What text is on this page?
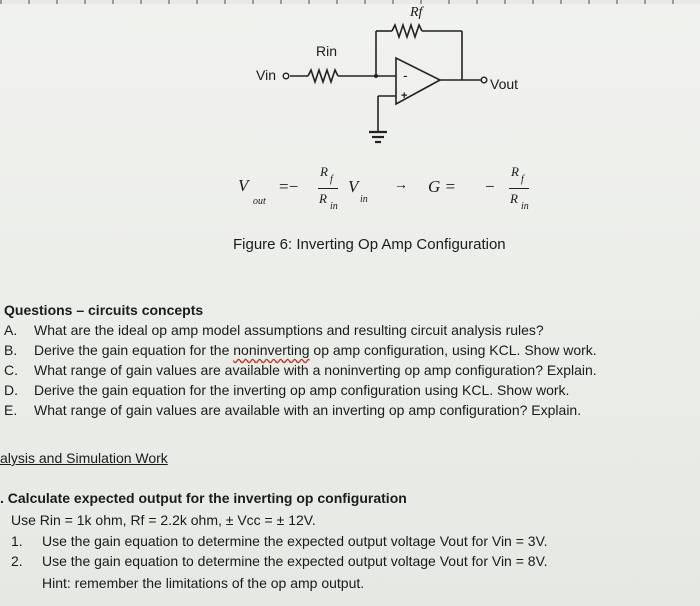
-
+
Rf
Rin
Vin
Vout
V
out
=−
R
f
R
in
V
in
→ G = −
R
f
R
in
Figure 6: Inverting Op Amp Configuration
Questions – circuits concepts
A.	What are the ideal op amp model assumptions and resulting circuit analysis rules?
B.	Derive the gain equation for the noninverting op amp configuration, using KCL. Show work.
C.	What range of gain values are available with a noninverting op amp configuration? Explain.
D.	Derive the gain equation for the inverting op amp configuration using KCL. Show work.
E.	What range of gain values are available with an inverting op amp configuration? Explain.
alysis and Simulation Work
. Calculate expected output for the inverting op configuration
Use Rin = 1k ohm, Rf = 2.2k ohm, ± Vcc = ± 12V.
1. Use the gain equation to determine the expected output voltage Vout for Vin = 3V.
2. Use the gain equation to determine the expected output voltage Vout for Vin = 8V.
Hint: remember the limitations of the op amp output.
